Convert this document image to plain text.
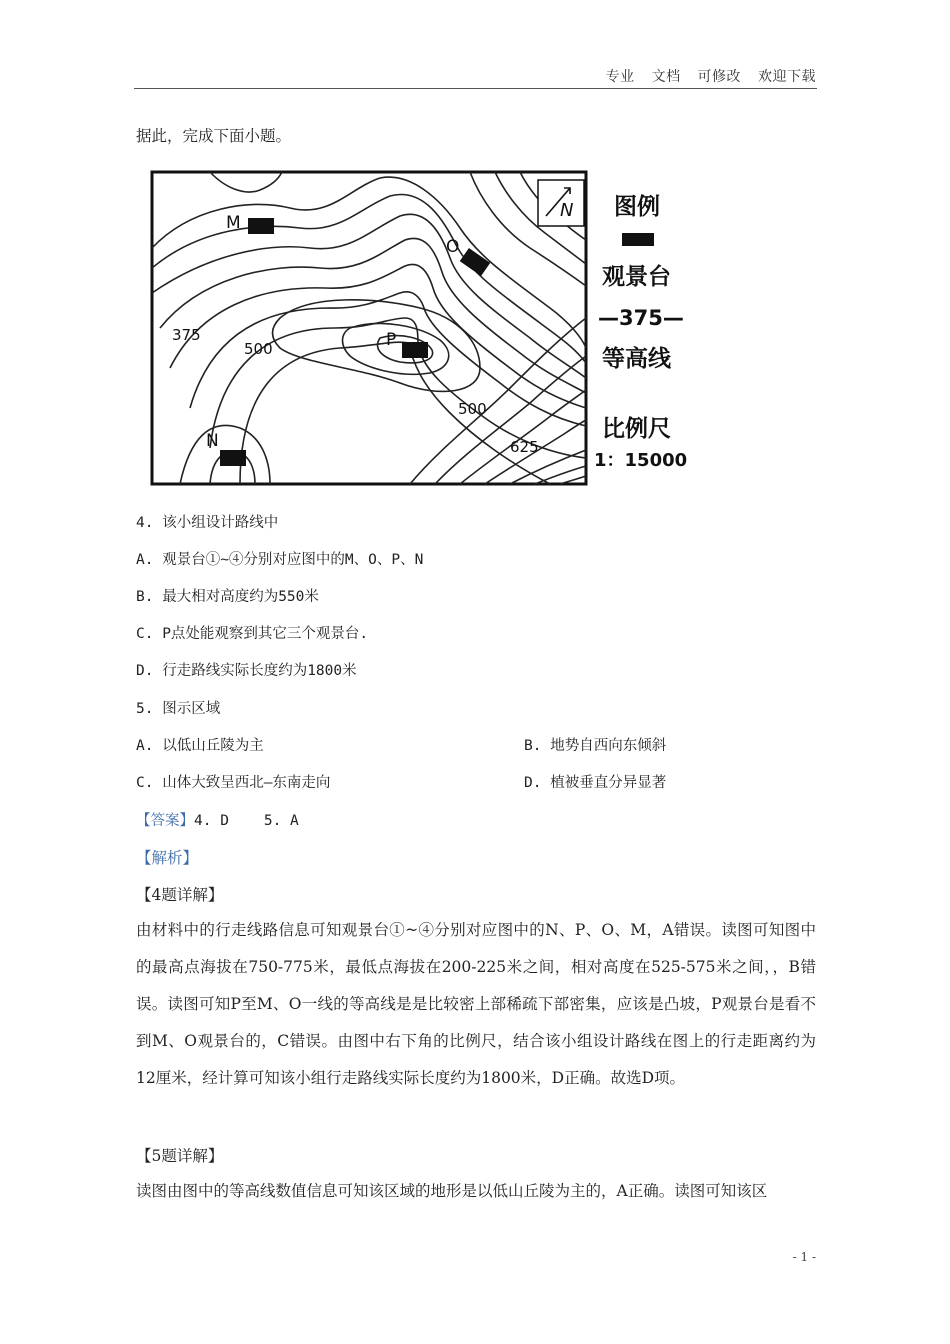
专业 文档 可修改 欢迎下载
据此，完成下面小题。
N
M
O
P
N
375
500
500
625
图例
观景台
—375—
等高线
比例尺
1：15000
4. 该小组设计路线中
A. 观景台①~④分别对应图中的M、O、P、N
B. 最大相对高度约为550米
C. P点处能观察到其它三个观景台.
D. 行走路线实际长度约为1800米
5. 图示区域
A. 以低山丘陵为主	B. 地势自西向东倾斜
C. 山体大致呈西北—东南走向	D. 植被垂直分异显著
【答案】4. D    5. A
【解析】
【4题详解】
由材料中的行走线路信息可知观景台①~④分别对应图中的N、P、O、M，A错误。读图可知图中的最高点海拔在750-775米，最低点海拔在200-225米之间，相对高度在525-575米之间，，B错误。读图可知P至M、O一线的等高线是是比较密上部稀疏下部密集，应该是凸坡，P观景台是看不到M、O观景台的，C错误。由图中右下角的比例尺，结合该小组设计路线在图上的行走距离约为12厘米，经计算可知该小组行走路线实际长度约为1800米，D正确。故选D项。
【5题详解】
读图由图中的等高线数值信息可知该区域的地形是以低山丘陵为主的，A正确。读图可知该区
- 1 -
